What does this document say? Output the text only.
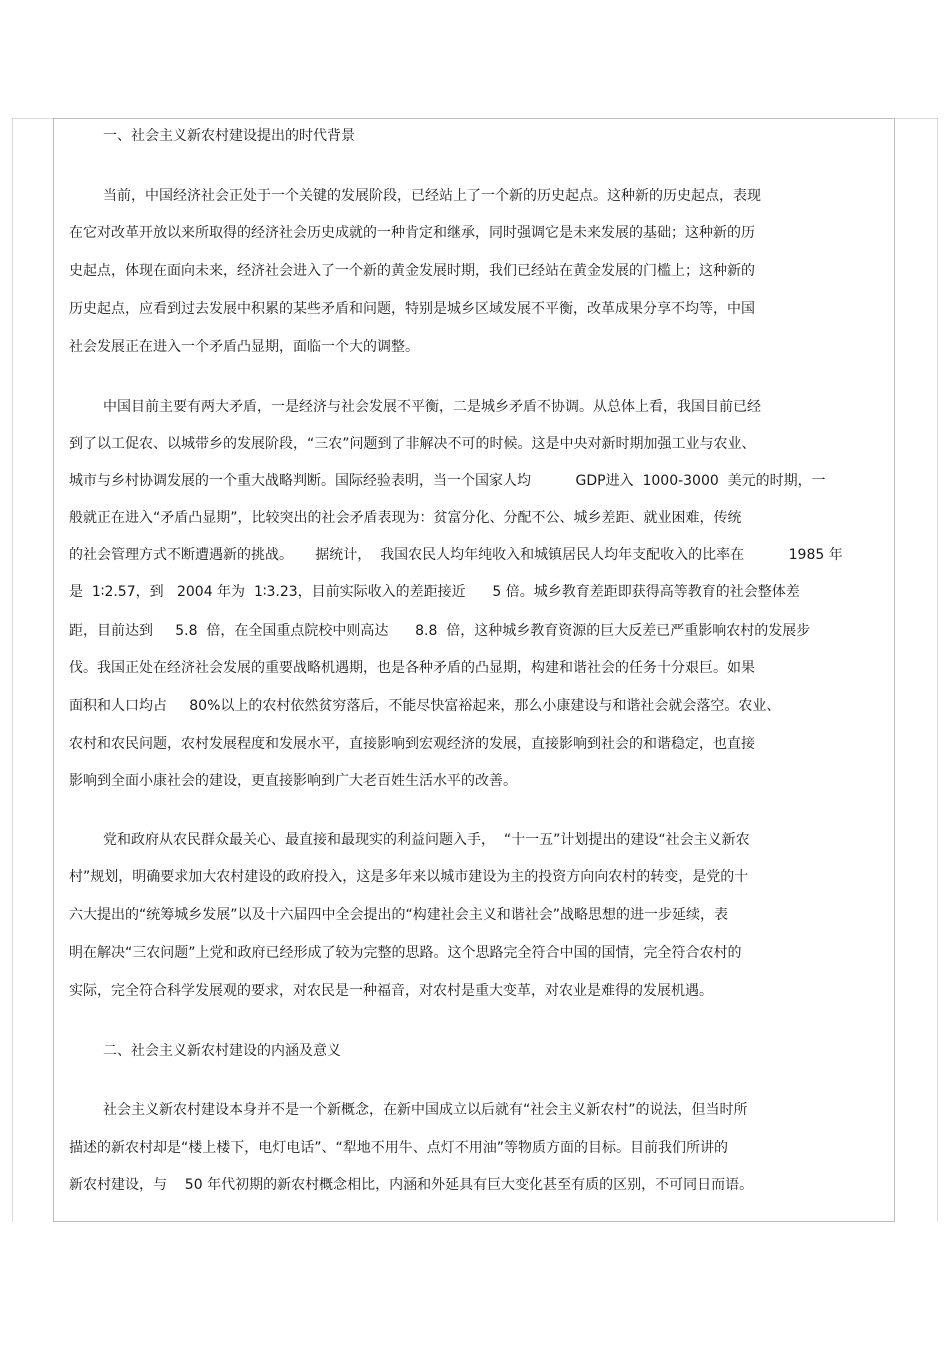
一、社会主义新农村建设提出的时代背景

当前，中国经济社会正处于一个关键的发展阶段，已经站上了一个新的历史起点。这种新的历史起点，表现

在它对改革开放以来所取得的经济社会历史成就的一种肯定和继承，同时强调它是未来发展的基础；这种新的历

史起点，体现在面向未来，经济社会进入了一个新的黄金发展时期，我们已经站在黄金发展的门槛上；这种新的

历史起点，应看到过去发展中积累的某些矛盾和问题，特别是城乡区域发展不平衡，改革成果分享不均等，中国

社会发展正在进入一个矛盾凸显期，面临一个大的调整。

中国目前主要有两大矛盾，一是经济与社会发展不平衡，二是城乡矛盾不协调。从总体上看，我国目前已经

到了以工促农、以城带乡的发展阶段，“三农”问题到了非解决不可的时候。这是中央对新时期加强工业与农业、

城市与乡村协调发展的一个重大战略判断。国际经验表明，当一个国家人均          GDP进入  1000-3000  美元的时期，一

般就正在进入“矛盾凸显期”，比较突出的社会矛盾表现为：贫富分化、分配不公、城乡差距、就业困难，传统

的社会管理方式不断遭遇新的挑战。     据统计，  我国农民人均年纯收入和城镇居民人均年支配收入的比率在          1985 年

是  1∶2.57，到   2004 年为  1∶3.23，目前实际收入的差距接近      5 倍。城乡教育差距即获得高等教育的社会整体差

距，目前达到     5.8  倍，在全国重点院校中则高达      8.8  倍，这种城乡教育资源的巨大反差已严重影响农村的发展步

伐。我国正处在经济社会发展的重要战略机遇期，也是各种矛盾的凸显期，构建和谐社会的任务十分艰巨。如果

面积和人口均占     80%以上的农村依然贫穷落后，不能尽快富裕起来，那么小康建设与和谐社会就会落空。农业、

农村和农民问题，农村发展程度和发展水平，直接影响到宏观经济的发展，直接影响到社会的和谐稳定，也直接

影响到全面小康社会的建设，更直接影响到广大老百姓生活水平的改善。

党和政府从农民群众最关心、最直接和最现实的利益问题入手，  “十一五”计划提出的建设“社会主义新农

村”规划，明确要求加大农村建设的政府投入，这是多年来以城市建设为主的投资方向向农村的转变，是党的十

六大提出的“统筹城乡发展”以及十六届四中全会提出的“构建社会主义和谐社会”战略思想的进一步延续，表

明在解决“三农问题”上党和政府已经形成了较为完整的思路。这个思路完全符合中国的国情，完全符合农村的

实际，完全符合科学发展观的要求，对农民是一种福音，对农村是重大变革，对农业是难得的发展机遇。

二、社会主义新农村建设的内涵及意义

社会主义新农村建设本身并不是一个新概念，在新中国成立以后就有“社会主义新农村”的说法，但当时所

描述的新农村却是“楼上楼下，电灯电话”、“犁地不用牛、点灯不用油”等物质方面的目标。目前我们所讲的

新农村建设，与    50 年代初期的新农村概念相比，内涵和外延具有巨大变化甚至有质的区别，不可同日而语。
